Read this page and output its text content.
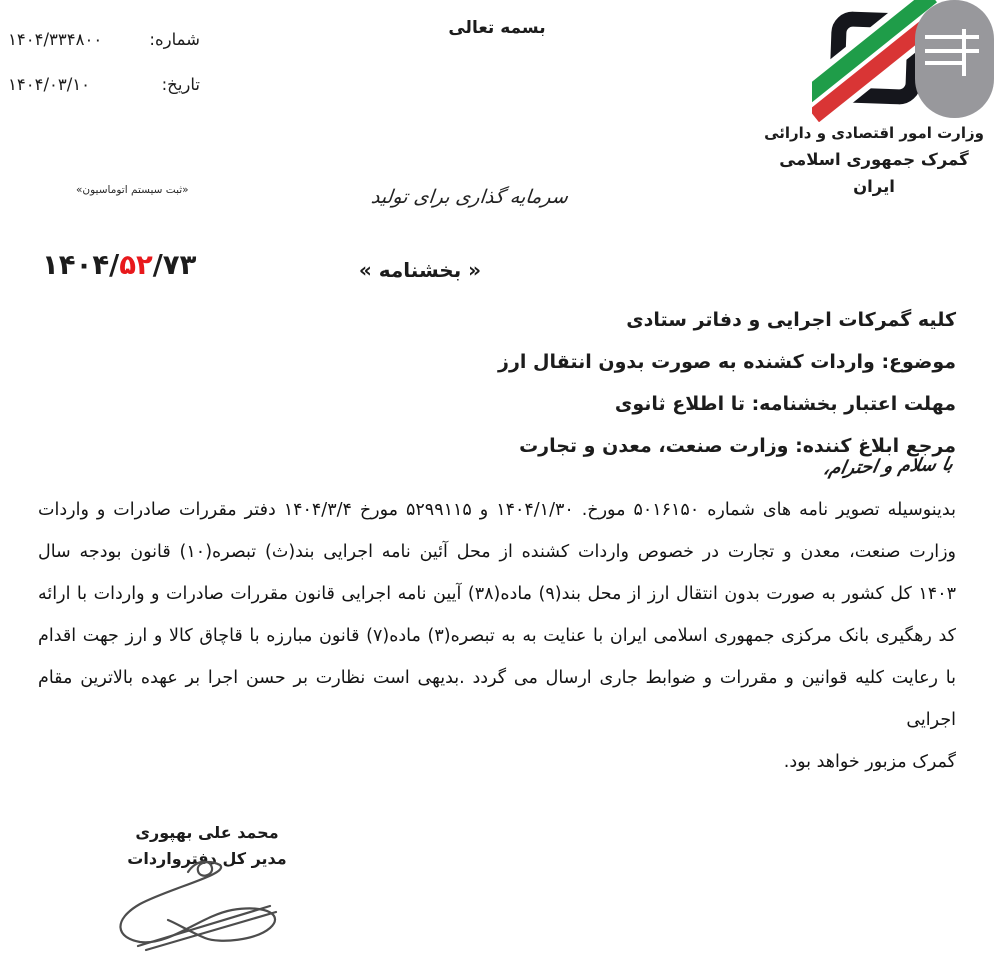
شماره:
۱۴۰۴/۳۳۴۸۰۰
تاریخ:
۱۴۰۴/۰۳/۱۰
«ثبت سیستم اتوماسیون»
بسمه تعالی
سرمایه گذاری برای تولید
وزارت امور اقتصادی و دارائی
گمرک جمهوری اسلامی ایران
« بخشنامه »
۱۴۰۴/۵۲/۷۳
کلیه گمرکات اجرایی و دفاتر ستادی
موضوع: واردات کشنده به صورت بدون انتقال ارز
مهلت اعتبار بخشنامه: تا اطلاع ثانوی
مرجع ابلاغ کننده: وزارت صنعت، معدن و تجارت
با سلام و احترام،
بدینوسیله تصویر نامه های شماره ۵۰۱۶۱۵۰ مورخ. ۱۴۰۴/۱/۳۰ و ۵۲۹۹۱۱۵ مورخ ۱۴۰۴/۳/۴ دفتر مقررات صادرات و واردات
وزارت صنعت، معدن و تجارت در خصوص واردات کشنده از محل آئین نامه اجرایی بند(ث) تبصره(۱۰) قانون بودجه سال
۱۴۰۳ کل کشور به صورت بدون انتقال ارز از محل بند(۹) ماده(۳۸) آیین نامه اجرایی قانون مقررات صادرات و واردات با ارائه
کد رهگیری بانک مرکزی جمهوری اسلامی ایران با عنایت به به تبصره(۳) ماده(۷) قانون مبارزه با قاچاق کالا و ارز جهت اقدام
با رعایت کلیه قوانین و مقررات و ضوابط جاری ارسال می گردد .بدیهی است نظارت بر حسن اجرا بر عهده بالاترین مقام اجرایی
گمرک مزبور خواهد بود.
محمد علی بهپوری
مدیر کل دفترواردات
